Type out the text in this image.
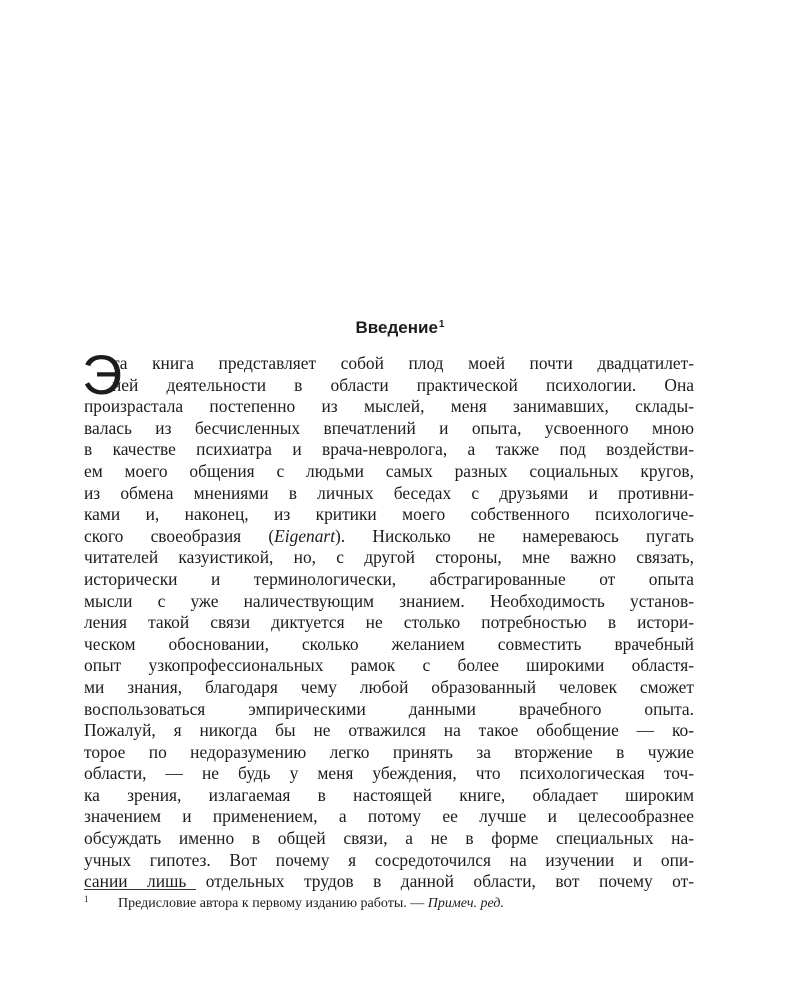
Введение$^1$
Э
та книга представляет собой плод моей почти двадцатилет-
ней деятельности в области практической психологии. Она
произрастала постепенно из мыслей, меня занимавших, склады-
валась из бесчисленных впечатлений и опыта, усвоенного мною
в качестве психиатра и врача-невролога, а также под воздействи-
ем моего общения с людьми самых разных социальных кругов,
из обмена мнениями в личных беседах с друзьями и противни-
ками и, наконец, из критики моего собственного психологиче-
ского своеобразия (Eigenart). Нисколько не намереваюсь пугать
читателей казуистикой, но, с другой стороны, мне важно связать,
исторически и терминологически, абстрагированные от опыта
мысли с уже наличествующим знанием. Необходимость установ-
ления такой связи диктуется не столько потребностью в истори-
ческом обосновании, сколько желанием совместить врачебный
опыт узкопрофессиональных рамок с более широкими областя-
ми знания, благодаря чему любой образованный человек сможет
воспользоваться эмпирическими данными врачебного опыта.
Пожалуй, я никогда бы не отважился на такое обобщение — ко-
торое по недоразумению легко принять за вторжение в чужие
области, — не будь у меня убеждения, что психологическая точ-
ка зрения, излагаемая в настоящей книге, обладает широким
значением и применением, а потому ее лучше и целесообразнее
обсуждать именно в общей связи, а не в форме специальных на-
учных гипотез. Вот почему я сосредоточился на изучении и опи-
сании лишь отдельных трудов в данной области, вот почему от-
1 Предисловие автора к первому изданию работы. — Примеч. ред.
